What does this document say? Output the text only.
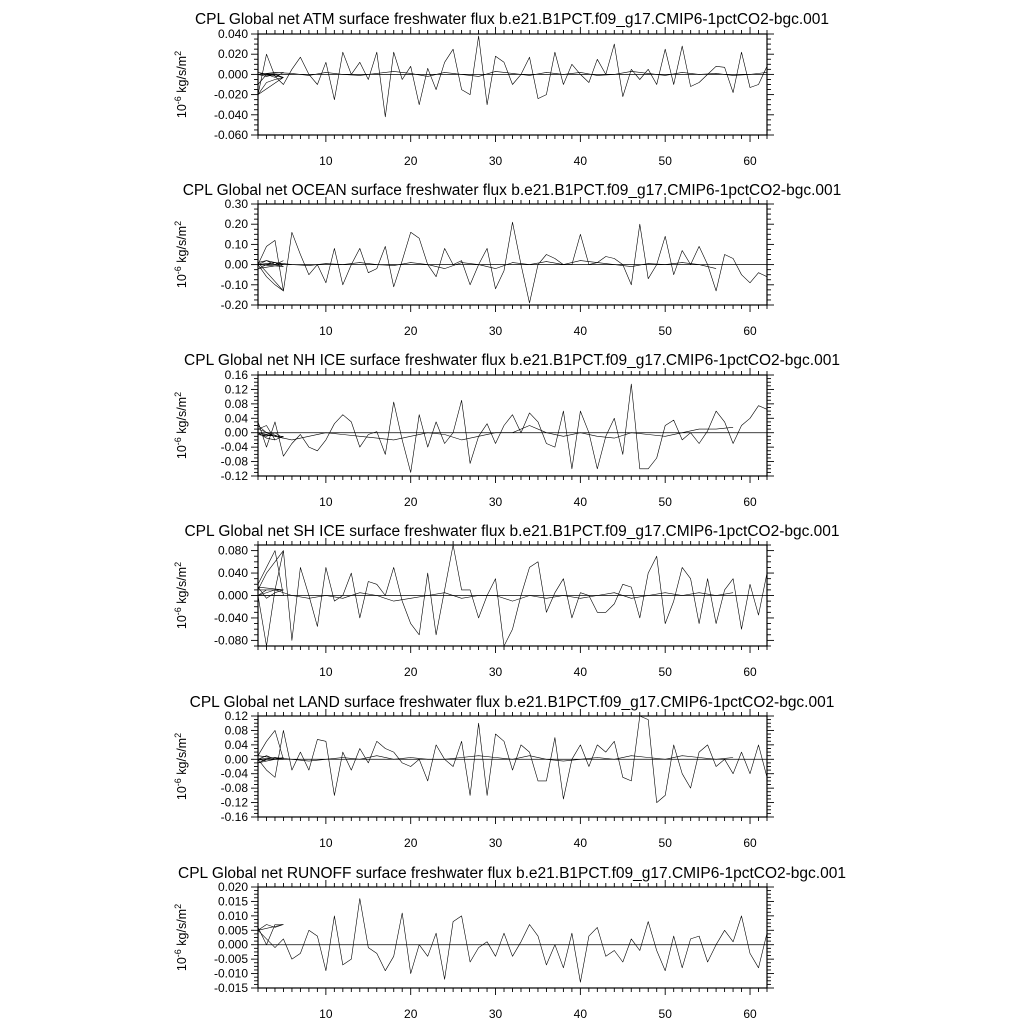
CPL Global net ATM surface freshwater flux b.e21.B1PCT.f09_g17.CMIP6-1pctCO2-bgc.001
10	20	30	40	50	60
-0.060
-0.040
-0.020
0.000
0.020
0.040
$10^{-6}$ $kg/s/m^2$
CPL Global net OCEAN surface freshwater flux b.e21.B1PCT.f09_g17.CMIP6-1pctCO2-bgc.001
10	20	30	40	50	60
-0.20
-0.10
0.00
0.10
0.20
0.30
$10^{-6}$ $kg/s/m^2$
CPL Global net NH ICE surface freshwater flux b.e21.B1PCT.f09_g17.CMIP6-1pctCO2-bgc.001
10	20	30	40	50	60
-0.12
-0.08
-0.04
0.00
0.04
0.08
0.12
0.16
$10^{-6}$ $kg/s/m^2$
CPL Global net SH ICE surface freshwater flux b.e21.B1PCT.f09_g17.CMIP6-1pctCO2-bgc.001
10	20	30	40	50	60
-0.080
-0.040
0.000
0.040
0.080
$10^{-6}$ $kg/s/m^2$
CPL Global net LAND surface freshwater flux b.e21.B1PCT.f09_g17.CMIP6-1pctCO2-bgc.001
10	20	30	40	50	60
-0.16
-0.12
-0.08
-0.04
0.00
0.04
0.08
0.12
$10^{-6}$ $kg/s/m^2$
CPL Global net RUNOFF surface freshwater flux b.e21.B1PCT.f09_g17.CMIP6-1pctCO2-bgc.001
10	20	30	40	50	60
-0.015
-0.010
-0.005
0.000
0.005
0.010
0.015
0.020
$10^{-6}$ $kg/s/m^2$
